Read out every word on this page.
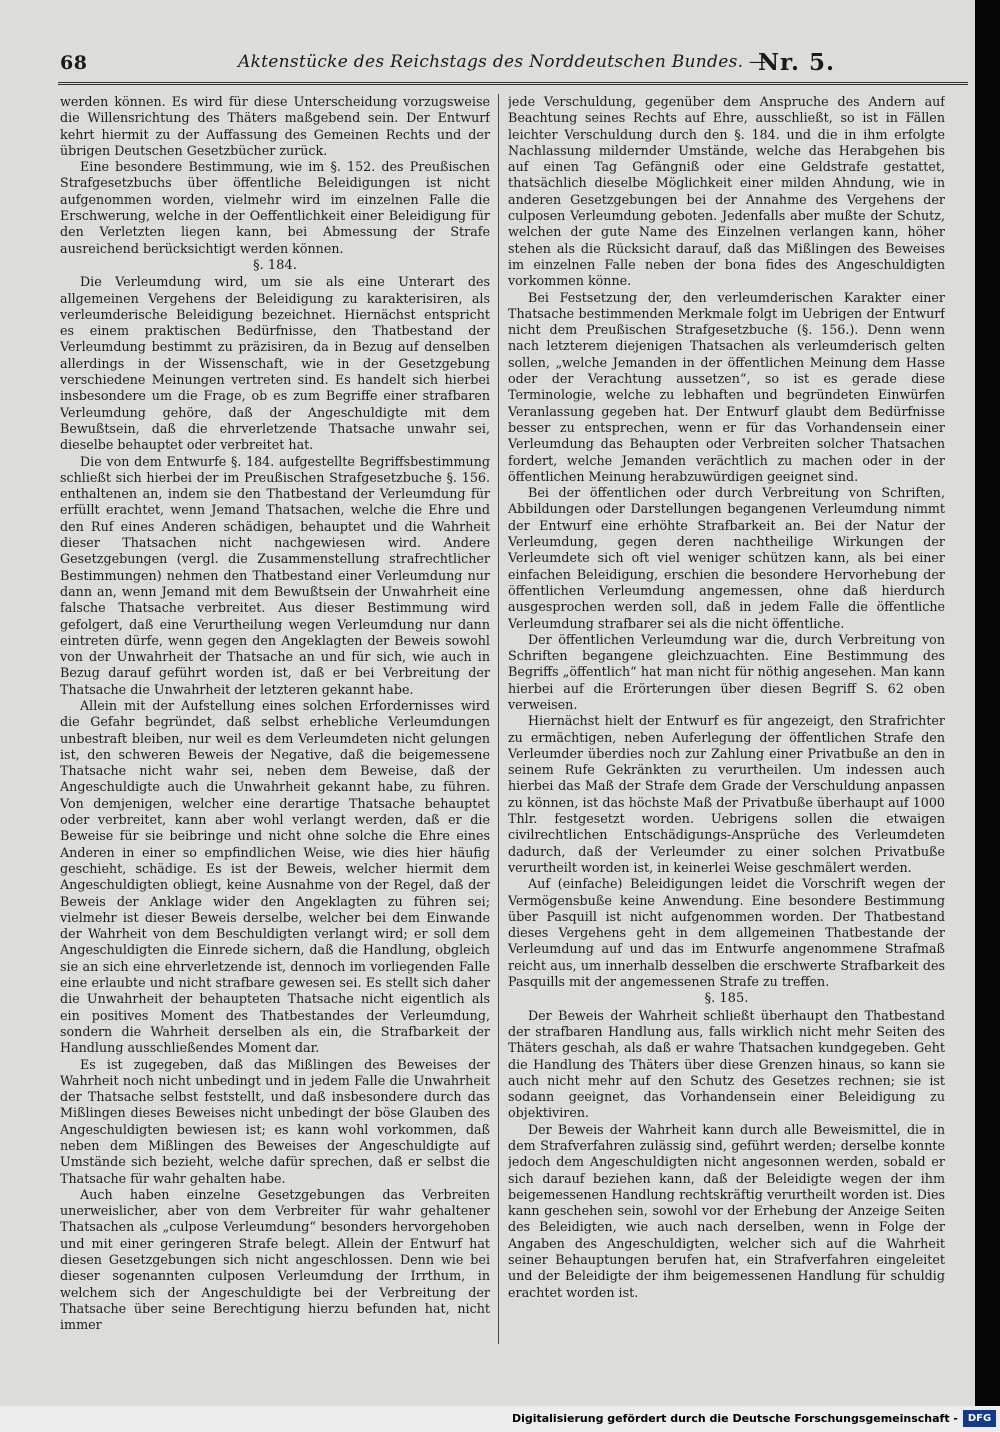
68	Aktenstücke des Reichstags des Norddeutschen Bundes. —
Nr. 5.

werden können. Es wird für diese Unterscheidung vorzugsweise die Willensrichtung des Thäters maßgebend sein. Der Entwurf kehrt hiermit zu der Auffassung des Gemeinen Rechts und der übrigen Deutschen Gesetzbücher zurück.

Eine besondere Bestimmung, wie im §. 152. des Preußischen Strafgesetzbuchs über öffentliche Beleidigungen ist nicht aufgenommen worden, vielmehr wird im einzelnen Falle die Erschwerung, welche in der Oeffentlichkeit einer Beleidigung für den Verletzten liegen kann, bei Abmessung der Strafe ausreichend berücksichtigt werden können.

§. 184.

Die Verleumdung wird, um sie als eine Unterart des allgemeinen Vergehens der Beleidigung zu karakterisiren, als verleumderische Beleidigung bezeichnet. Hiernächst entspricht es einem praktischen Bedürfnisse, den Thatbestand der Verleumdung bestimmt zu präzisiren, da in Bezug auf denselben allerdings in der Wissenschaft, wie in der Gesetzgebung verschiedene Meinungen vertreten sind. Es handelt sich hierbei insbesondere um die Frage, ob es zum Begriffe einer strafbaren Verleumdung gehöre, daß der Angeschuldigte mit dem Bewußtsein, daß die ehrverletzende Thatsache unwahr sei, dieselbe behauptet oder verbreitet hat.

Die von dem Entwurfe §. 184. aufgestellte Begriffsbestimmung schließt sich hierbei der im Preußischen Strafgesetzbuche §. 156. enthaltenen an, indem sie den Thatbestand der Verleumdung für erfüllt erachtet, wenn Jemand Thatsachen, welche die Ehre und den Ruf eines Anderen schädigen, behauptet und die Wahrheit dieser Thatsachen nicht nachgewiesen wird. Andere Gesetzgebungen (vergl. die Zusammenstellung strafrechtlicher Bestimmungen) nehmen den Thatbestand einer Verleumdung nur dann an, wenn Jemand mit dem Bewußtsein der Unwahrheit eine falsche Thatsache verbreitet. Aus dieser Bestimmung wird gefolgert, daß eine Verurtheilung wegen Verleumdung nur dann eintreten dürfe, wenn gegen den Angeklagten der Beweis sowohl von der Unwahrheit der Thatsache an und für sich, wie auch in Bezug darauf geführt worden ist, daß er bei Verbreitung der Thatsache die Unwahrheit der letzteren gekannt habe.

Allein mit der Aufstellung eines solchen Erfordernisses wird die Gefahr begründet, daß selbst erhebliche Verleumdungen unbestraft bleiben, nur weil es dem Verleumdeten nicht gelungen ist, den schweren Beweis der Negative, daß die beigemessene Thatsache nicht wahr sei, neben dem Beweise, daß der Angeschuldigte auch die Unwahrheit gekannt habe, zu führen. Von demjenigen, welcher eine derartige Thatsache behauptet oder verbreitet, kann aber wohl verlangt werden, daß er die Beweise für sie beibringe und nicht ohne solche die Ehre eines Anderen in einer so empfindlichen Weise, wie dies hier häufig geschieht, schädige. Es ist der Beweis, welcher hiermit dem Angeschuldigten obliegt, keine Ausnahme von der Regel, daß der Beweis der Anklage wider den Angeklagten zu führen sei; vielmehr ist dieser Beweis derselbe, welcher bei dem Einwande der Wahrheit von dem Beschuldigten verlangt wird; er soll dem Angeschuldigten die Einrede sichern, daß die Handlung, obgleich sie an sich eine ehrverletzende ist, dennoch im vorliegenden Falle eine erlaubte und nicht strafbare gewesen sei. Es stellt sich daher die Unwahrheit der behaupteten Thatsache nicht eigentlich als ein positives Moment des Thatbestandes der Verleumdung, sondern die Wahrheit derselben als ein, die Strafbarkeit der Handlung ausschließendes Moment dar.

Es ist zugegeben, daß das Mißlingen des Beweises der Wahrheit noch nicht unbedingt und in jedem Falle die Unwahrheit der Thatsache selbst feststellt, und daß insbesondere durch das Mißlingen dieses Beweises nicht unbedingt der böse Glauben des Angeschuldigten bewiesen ist; es kann wohl vorkommen, daß neben dem Mißlingen des Beweises der Angeschuldigte auf Umstände sich bezieht, welche dafür sprechen, daß er selbst die Thatsache für wahr gehalten habe.

Auch haben einzelne Gesetzgebungen das Verbreiten unerweislicher, aber von dem Verbreiter für wahr gehaltener Thatsachen als „culpose Verleumdung“ besonders hervorgehoben und mit einer geringeren Strafe belegt. Allein der Entwurf hat diesen Gesetzgebungen sich nicht angeschlossen. Denn wie bei dieser sogenannten culposen Verleumdung der Irrthum, in welchem sich der Angeschuldigte bei der Verbreitung der Thatsache über seine Berechtigung hierzu befunden hat, nicht immer

jede Verschuldung, gegenüber dem Anspruche des Andern auf Beachtung seines Rechts auf Ehre, ausschließt, so ist in Fällen leichter Verschuldung durch den §. 184. und die in ihm erfolgte Nachlassung mildernder Umstände, welche das Herabgehen bis auf einen Tag Gefängniß oder eine Geldstrafe gestattet, thatsächlich dieselbe Möglichkeit einer milden Ahndung, wie in anderen Gesetzgebungen bei der Annahme des Vergehens der culposen Verleumdung geboten. Jedenfalls aber mußte der Schutz, welchen der gute Name des Einzelnen verlangen kann, höher stehen als die Rücksicht darauf, daß das Mißlingen des Beweises im einzelnen Falle neben der bona fides des Angeschuldigten vorkommen könne.

Bei Festsetzung der, den verleumderischen Karakter einer Thatsache bestimmenden Merkmale folgt im Uebrigen der Entwurf nicht dem Preußischen Strafgesetzbuche (§. 156.). Denn wenn nach letzterem diejenigen Thatsachen als verleumderisch gelten sollen, „welche Jemanden in der öffentlichen Meinung dem Hasse oder der Verachtung aussetzen“, so ist es gerade diese Terminologie, welche zu lebhaften und begründeten Einwürfen Veranlassung gegeben hat. Der Entwurf glaubt dem Bedürfnisse besser zu entsprechen, wenn er für das Vorhandensein einer Verleumdung das Behaupten oder Verbreiten solcher Thatsachen fordert, welche Jemanden verächtlich zu machen oder in der öffentlichen Meinung herabzuwürdigen geeignet sind.

Bei der öffentlichen oder durch Verbreitung von Schriften, Abbildungen oder Darstellungen begangenen Verleumdung nimmt der Entwurf eine erhöhte Strafbarkeit an. Bei der Natur der Verleumdung, gegen deren nachtheilige Wirkungen der Verleumdete sich oft viel weniger schützen kann, als bei einer einfachen Beleidigung, erschien die besondere Hervorhebung der öffentlichen Verleumdung angemessen, ohne daß hierdurch ausgesprochen werden soll, daß in jedem Falle die öffentliche Verleumdung strafbarer sei als die nicht öffentliche.

Der öffentlichen Verleumdung war die, durch Verbreitung von Schriften begangene gleichzuachten. Eine Bestimmung des Begriffs „öffentlich“ hat man nicht für nöthig angesehen. Man kann hierbei auf die Erörterungen über diesen Begriff S. 62 oben verweisen.

Hiernächst hielt der Entwurf es für angezeigt, den Strafrichter zu ermächtigen, neben Auferlegung der öffentlichen Strafe den Verleumder überdies noch zur Zahlung einer Privatbuße an den in seinem Rufe Gekränkten zu verurtheilen. Um indessen auch hierbei das Maß der Strafe dem Grade der Verschuldung anpassen zu können, ist das höchste Maß der Privatbuße überhaupt auf 1000 Thlr. festgesetzt worden. Uebrigens sollen die etwaigen civilrechtlichen Entschädigungs-Ansprüche des Verleumdeten dadurch, daß der Verleumder zu einer solchen Privatbuße verurtheilt worden ist, in keinerlei Weise geschmälert werden.

Auf (einfache) Beleidigungen leidet die Vorschrift wegen der Vermögensbuße keine Anwendung. Eine besondere Bestimmung über Pasquill ist nicht aufgenommen worden. Der Thatbestand dieses Vergehens geht in dem allgemeinen Thatbestande der Verleumdung auf und das im Entwurfe angenommene Strafmaß reicht aus, um innerhalb desselben die erschwerte Strafbarkeit des Pasquills mit der angemessenen Strafe zu treffen.

§. 185.

Der Beweis der Wahrheit schließt überhaupt den Thatbestand der strafbaren Handlung aus, falls wirklich nicht mehr Seiten des Thäters geschah, als daß er wahre Thatsachen kundgegeben. Geht die Handlung des Thäters über diese Grenzen hinaus, so kann sie auch nicht mehr auf den Schutz des Gesetzes rechnen; sie ist sodann geeignet, das Vorhandensein einer Beleidigung zu objektiviren.

Der Beweis der Wahrheit kann durch alle Beweismittel, die in dem Strafverfahren zulässig sind, geführt werden; derselbe konnte jedoch dem Angeschuldigten nicht angesonnen werden, sobald er sich darauf beziehen kann, daß der Beleidigte wegen der ihm beigemessenen Handlung rechtskräftig verurtheilt worden ist. Dies kann geschehen sein, sowohl vor der Erhebung der Anzeige Seiten des Beleidigten, wie auch nach derselben, wenn in Folge der Angaben des Angeschuldigten, welcher sich auf die Wahrheit seiner Behauptungen berufen hat, ein Strafverfahren eingeleitet und der Beleidigte der ihm beigemessenen Handlung für schuldig erachtet worden ist.

Digitalisierung gefördert durch die Deutsche Forschungsgemeinschaft - DFG
